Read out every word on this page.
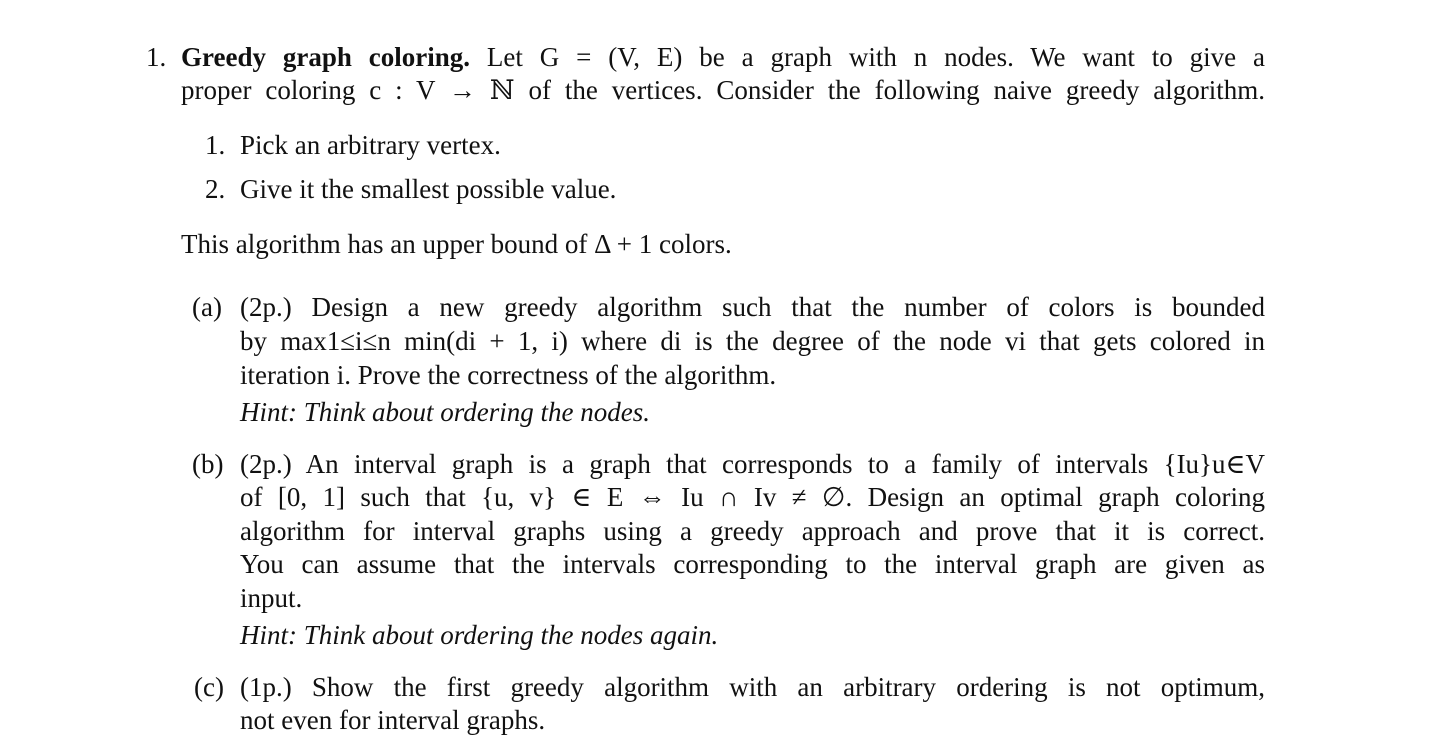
1. Greedy graph coloring. Let G = (V, E) be a graph with n nodes. We want to give a
proper coloring c : V → ℕ of the vertices. Consider the following naive greedy algorithm.
1. Pick an arbitrary vertex.
2. Give it the smallest possible value.
This algorithm has an upper bound of Δ + 1 colors.
(a) (2p.) Design a new greedy algorithm such that the number of colors is bounded
by max1≤i≤n min(di + 1, i) where di is the degree of the node vi that gets colored in
iteration i. Prove the correctness of the algorithm.
Hint: Think about ordering the nodes.
(b) (2p.) An interval graph is a graph that corresponds to a family of intervals {Iu}u∈V
of [0, 1] such that {u, v} ∈ E ⇔ Iu ∩ Iv ≠ ∅. Design an optimal graph coloring
algorithm for interval graphs using a greedy approach and prove that it is correct.
You can assume that the intervals corresponding to the interval graph are given as
input.
Hint: Think about ordering the nodes again.
(c) (1p.) Show the first greedy algorithm with an arbitrary ordering is not optimum,
not even for interval graphs.
